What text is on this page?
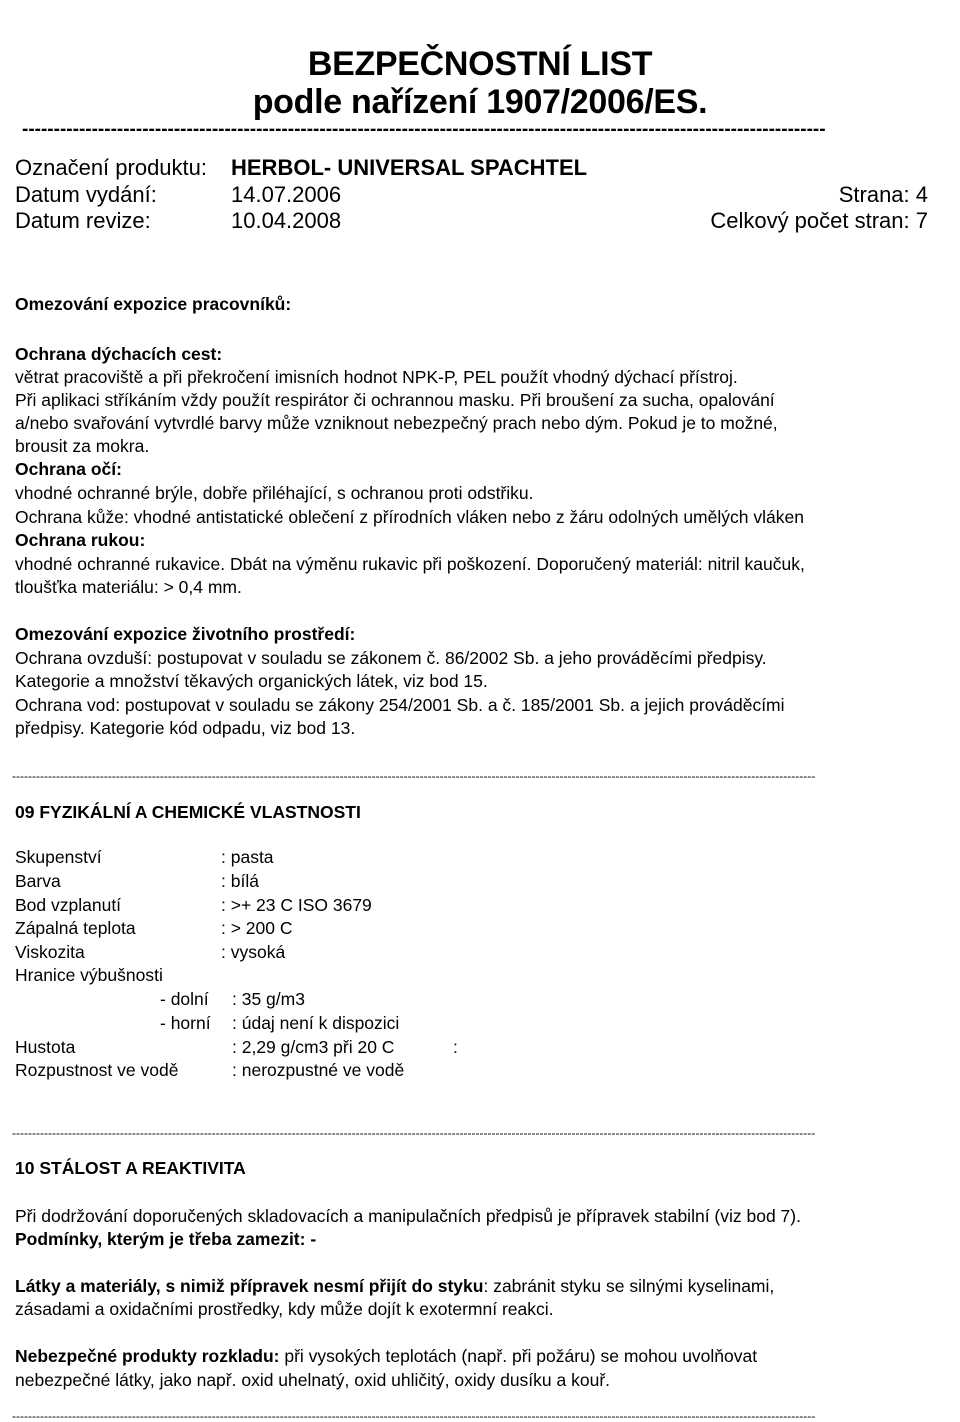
BEZPEČNOSTNÍ LIST
podle nařízení 1907/2006/ES.
-------------------------------------------------------------------------------------------------------------------------------
Označení produktu: HERBOL- UNIVERSAL SPACHTEL
Datum vydání:	14.07.2006	Strana: 4
Datum revize:	10.04.2008	Celkový počet stran: 7
Omezování expozice pracovníků:
Ochrana dýchacích cest:
větrat pracoviště a při překročení imisních hodnot NPK-P, PEL použít vhodný dýchací přístroj.
Při aplikaci stříkáním vždy použít respirátor či ochrannou masku. Při broušení za sucha, opalování
a/nebo svařování vytvrdlé barvy může vzniknout nebezpečný prach nebo dým. Pokud je to možné,
brousit za mokra.
Ochrana očí:
vhodné ochranné brýle, dobře přiléhající, s ochranou proti odstřiku.
Ochrana kůže: vhodné antistatické oblečení z přírodních vláken nebo z žáru odolných umělých vláken
Ochrana rukou:
vhodné ochranné rukavice. Dbát na výměnu rukavic při poškození. Doporučený materiál: nitril kaučuk,
tloušťka materiálu: > 0,4 mm.
Omezování expozice životního prostředí:
Ochrana ovzduší: postupovat v souladu se zákonem č. 86/2002 Sb. a jeho prováděcími předpisy.
Kategorie a množství těkavých organických látek, viz bod 15.
Ochrana vod: postupovat v souladu se zákony 254/2001 Sb. a č. 185/2001 Sb. a jejich prováděcími
předpisy. Kategorie kód odpadu, viz bod 13.
---------------------------------------------------------------------------------------------------------------------------------------------------------------------------------------------------------
09 FYZIKÁLNÍ A CHEMICKÉ VLASTNOSTI
Skupenství	: pasta
Barva	: bílá
Bod vzplanutí	: >+ 23 C ISO 3679
Zápalná teplota	: > 200 C
Viskozita	: vysoká
Hranice výbušnosti
- dolní : 35 g/m3
- horní : údaj není k dispozici
Hustota	: 2,29 g/cm3 při 20 C	:
Rozpustnost ve vodě	: nerozpustné ve vodě
---------------------------------------------------------------------------------------------------------------------------------------------------------------------------------------------------------
10 STÁLOST A REAKTIVITA
Při dodržování doporučených skladovacích a manipulačních předpisů je přípravek stabilní (viz bod 7).
Podmínky, kterým je třeba zamezit: -
Látky a materiály, s nimiž přípravek nesmí přijít do styku: zabránit styku se silnými kyselinami,
zásadami a oxidačními prostředky, kdy může dojít k exotermní reakci.
Nebezpečné produkty rozkladu: při vysokých teplotách (např. při požáru) se mohou uvolňovat
nebezpečné látky, jako např. oxid uhelnatý, oxid uhličitý, oxidy dusíku a kouř.
---------------------------------------------------------------------------------------------------------------------------------------------------------------------------------------------------------
